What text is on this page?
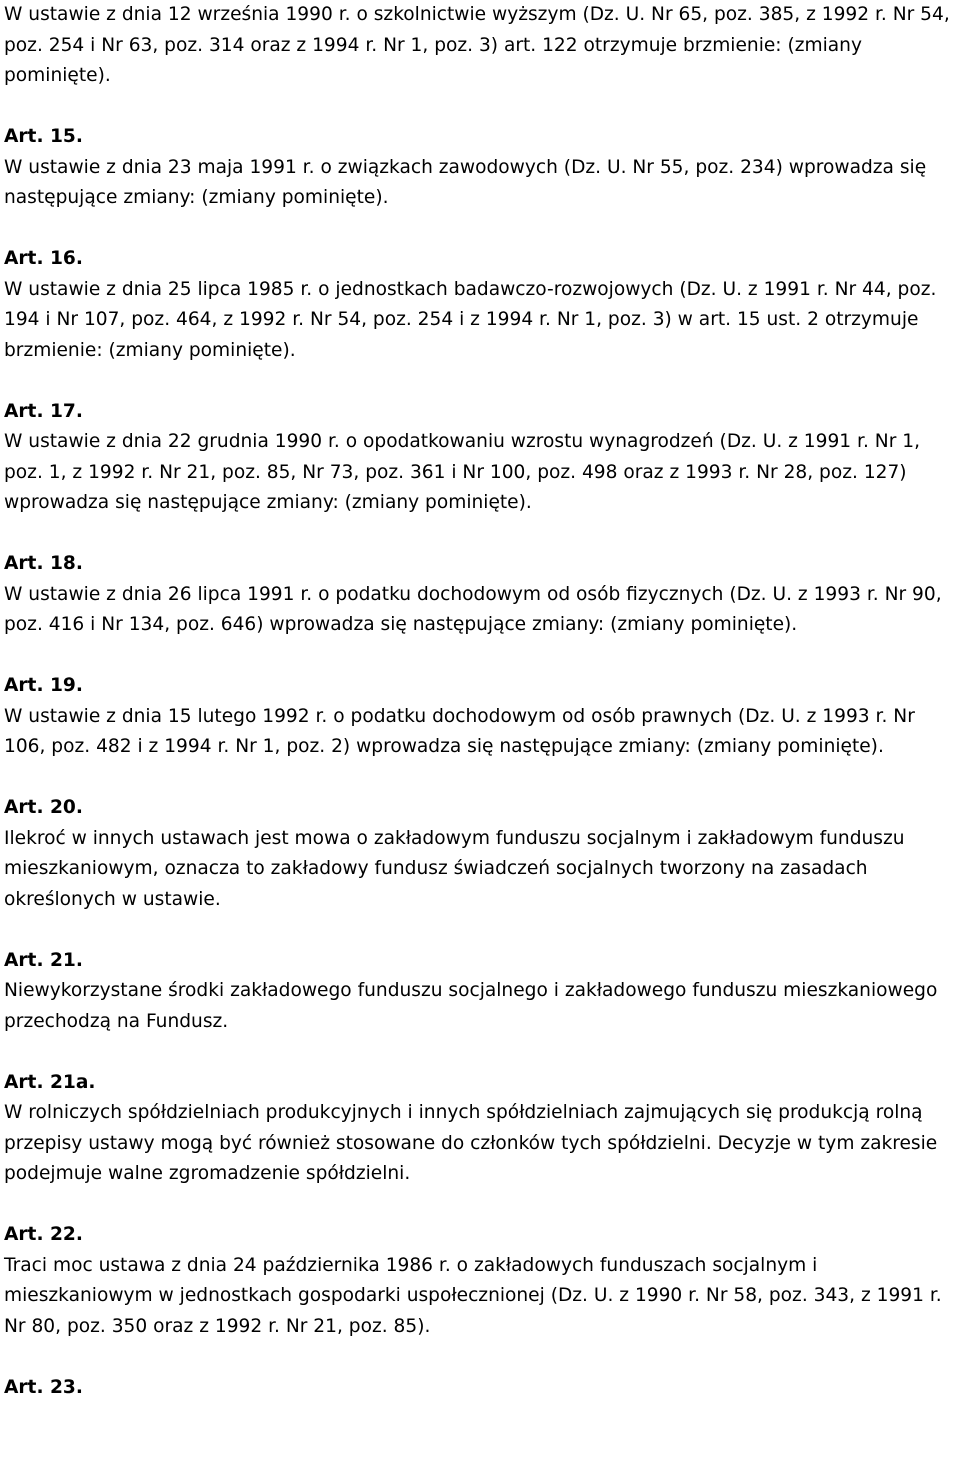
W ustawie z dnia 12 września 1990 r. o szkolnictwie wyższym (Dz. U. Nr 65, poz. 385, z 1992 r. Nr 54, poz. 254 i Nr 63, poz. 314 oraz z 1994 r. Nr 1, poz. 3) art. 122 otrzymuje brzmienie: (zmiany pominięte).
Art. 15.
W ustawie z dnia 23 maja 1991 r. o związkach zawodowych (Dz. U. Nr 55, poz. 234) wprowadza się następujące zmiany: (zmiany pominięte).
Art. 16.
W ustawie z dnia 25 lipca 1985 r. o jednostkach badawczo-rozwojowych (Dz. U. z 1991 r. Nr 44, poz. 194 i Nr 107, poz. 464, z 1992 r. Nr 54, poz. 254 i z 1994 r. Nr 1, poz. 3) w art. 15 ust. 2 otrzymuje brzmienie: (zmiany pominięte).
Art. 17.
W ustawie z dnia 22 grudnia 1990 r. o opodatkowaniu wzrostu wynagrodzeń (Dz. U. z 1991 r. Nr 1, poz. 1, z 1992 r. Nr 21, poz. 85, Nr 73, poz. 361 i Nr 100, poz. 498 oraz z 1993 r. Nr 28, poz. 127) wprowadza się następujące zmiany: (zmiany pominięte).
Art. 18.
W ustawie z dnia 26 lipca 1991 r. o podatku dochodowym od osób fizycznych (Dz. U. z 1993 r. Nr 90, poz. 416 i Nr 134, poz. 646) wprowadza się następujące zmiany: (zmiany pominięte).
Art. 19.
W ustawie z dnia 15 lutego 1992 r. o podatku dochodowym od osób prawnych (Dz. U. z 1993 r. Nr 106, poz. 482 i z 1994 r. Nr 1, poz. 2) wprowadza się następujące zmiany: (zmiany pominięte).
Art. 20.
Ilekroć w innych ustawach jest mowa o zakładowym funduszu socjalnym i zakładowym funduszu mieszkaniowym, oznacza to zakładowy fundusz świadczeń socjalnych tworzony na zasadach określonych w ustawie.
Art. 21.
Niewykorzystane środki zakładowego funduszu socjalnego i zakładowego funduszu mieszkaniowego przechodzą na Fundusz.
Art. 21a.
W rolniczych spółdzielniach produkcyjnych i innych spółdzielniach zajmujących się produkcją rolną przepisy ustawy mogą być również stosowane do członków tych spółdzielni. Decyzje w tym zakresie podejmuje walne zgromadzenie spółdzielni.
Art. 22.
Traci moc ustawa z dnia 24 października 1986 r. o zakładowych funduszach socjalnym i mieszkaniowym w jednostkach gospodarki uspołecznionej (Dz. U. z 1990 r. Nr 58, poz. 343, z 1991 r. Nr 80, poz. 350 oraz z 1992 r. Nr 21, poz. 85).
Art. 23.
